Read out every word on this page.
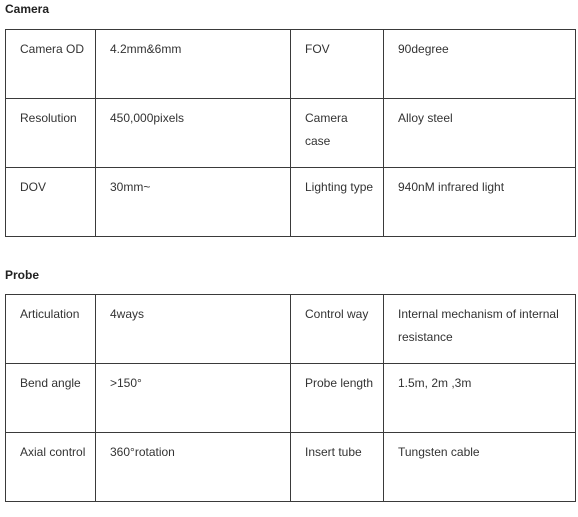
Camera
Camera OD	4.2mm&6mm	FOV	90degree
Resolution	450,000pixels	Camera case	Alloy steel
DOV	30mm~	Lighting type	940nM infrared light
Probe
Articulation	4ways	Control way	Internal mechanism of internal resistance
Bend angle	>150°	Probe length	1.5m, 2m ,3m
Axial control	360°rotation	Insert tube	Tungsten cable
